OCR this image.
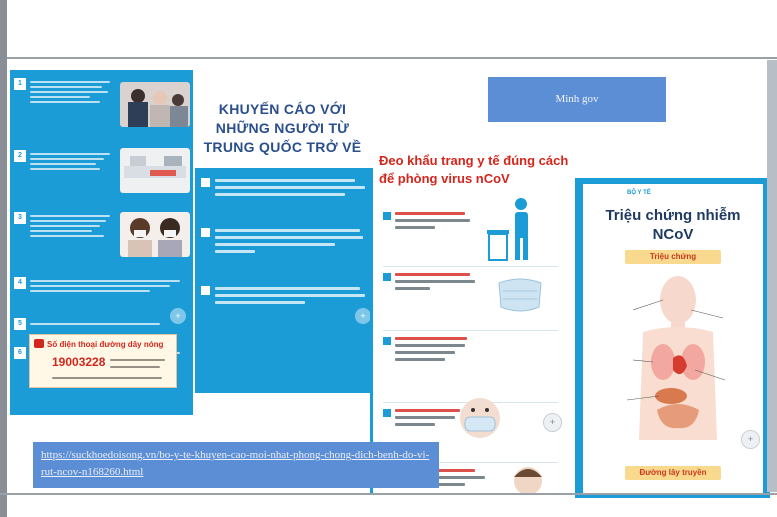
1
2
3
4
5
6
+
KHUYẾN CÁO VỚI NHỮNG NGƯỜI TỪ TRUNG QUỐC TRỞ VỀ
+
Số điện thoại đường dây nóng
19003228
Đeo khẩu trang y tế đúng cách để phòng virus nCoV
+
BỘ Y TẾ
Triệu chứng nhiễm NCoV
Triệu chứng
Đường lây truyền
+
Minh gov
https://suckhoedoisong.vn/bo-y-te-khuyen-cao-moi-nhat-phong-chong-dich-benh-do-vi-rut-ncov-n168260.html
